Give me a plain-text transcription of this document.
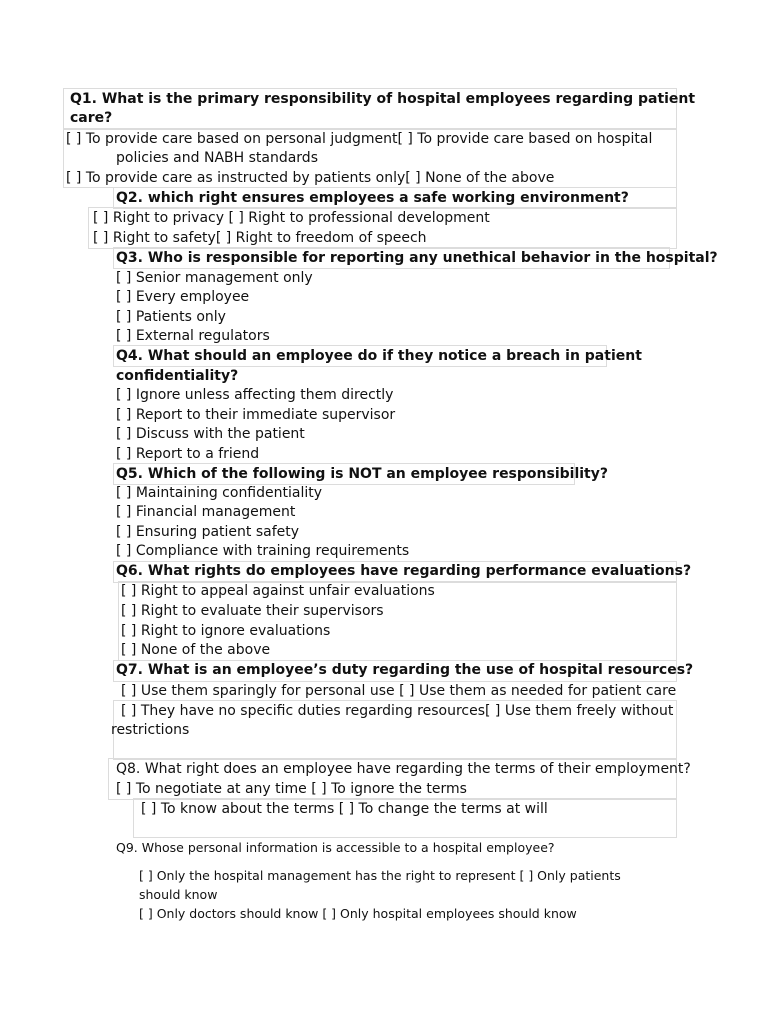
Q1. What is the primary responsibility of hospital employees regarding patient
care?
[ ] To provide care based on personal judgment[ ] To provide care based on hospital
policies and NABH standards
[ ] To provide care as instructed by patients only[ ] None of the above
Q2. which right ensures employees a safe working environment?
[ ] Right to privacy [ ] Right to professional development
[ ] Right to safety[ ] Right to freedom of speech
Q3. Who is responsible for reporting any unethical behavior in the hospital?
[ ] Senior management only
[ ] Every employee
[ ] Patients only
[ ] External regulators
Q4. What should an employee do if they notice a breach in patient
confidentiality?
[ ] Ignore unless affecting them directly
[ ] Report to their immediate supervisor
[ ] Discuss with the patient
[ ] Report to a friend
Q5. Which of the following is NOT an employee responsibility?
[ ] Maintaining confidentiality
[ ] Financial management
[ ] Ensuring patient safety
[ ] Compliance with training requirements
Q6. What rights do employees have regarding performance evaluations?
[ ] Right to appeal against unfair evaluations
[ ] Right to evaluate their supervisors
[ ] Right to ignore evaluations
[ ] None of the above
Q7. What is an employee’s duty regarding the use of hospital resources?
[ ] Use them sparingly for personal use [ ] Use them as needed for patient care
[ ] They have no specific duties regarding resources[ ] Use them freely without
restrictions
Q8. What right does an employee have regarding the terms of their employment?
[ ] To negotiate at any time [ ] To ignore the terms
[ ] To know about the terms [ ] To change the terms at will
Q9. Whose personal information is accessible to a hospital employee?
[ ] Only the hospital management has the right to represent [ ] Only patients
should know
[ ] Only doctors should know [ ] Only hospital employees should know
